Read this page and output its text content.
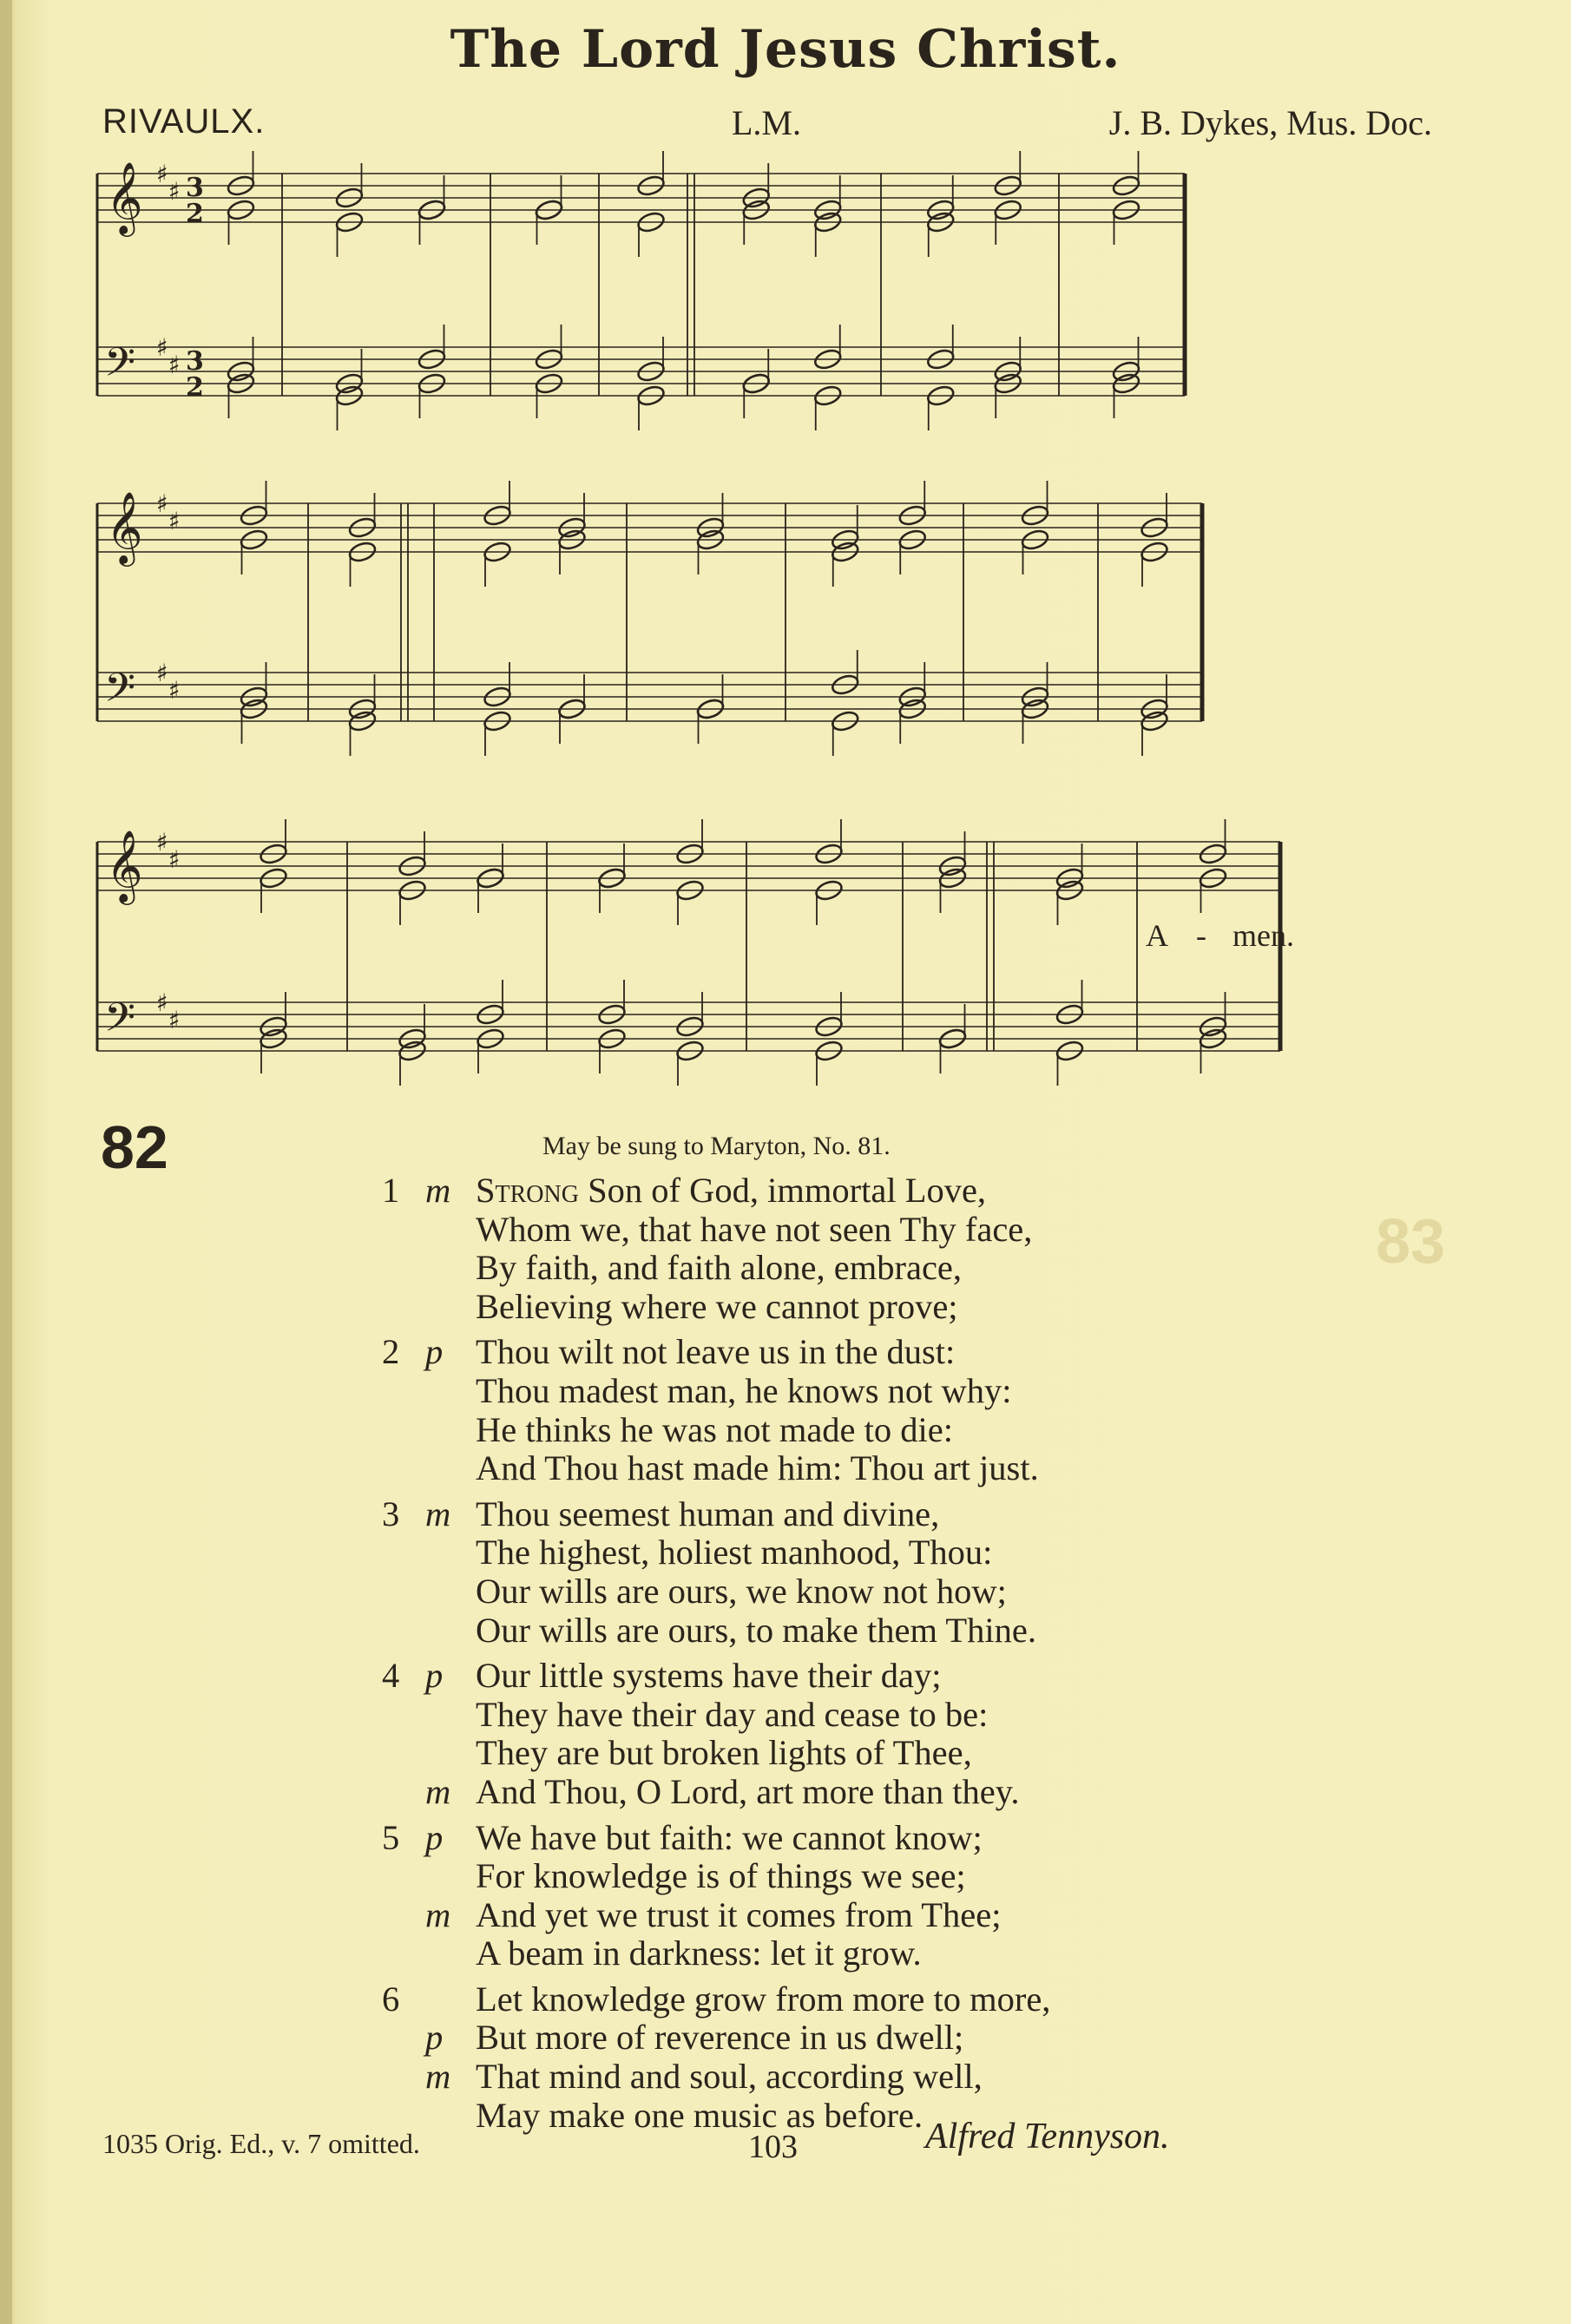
The Lord Jesus Christ.
RIVAULX.	L.M.	J. B. Dykes, Mus. Doc.
𝄞
𝄢
♯
♯
♯
♯
3
2
3
2
𝄞
𝄢
♯
♯
♯
♯
𝄞
𝄢
♯
♯
♯
♯
A - men.
82	May be sung to Maryton, No. 81.
83
1 m Strong Son of God, immortal Love,
Whom we, that have not seen Thy face,
By faith, and faith alone, embrace,
Believing where we cannot prove;
2 p Thou wilt not leave us in the dust:
Thou madest man, he knows not why:
He thinks he was not made to die:
And Thou hast made him: Thou art just.
3 m Thou seemest human and divine,
The highest, holiest manhood, Thou:
Our wills are ours, we know not how;
Our wills are ours, to make them Thine.
4 p Our little systems have their day;
They have their day and cease to be:
They are but broken lights of Thee,
m And Thou, O Lord, art more than they.
5 p We have but faith: we cannot know;
For knowledge is of things we see;
m And yet we trust it comes from Thee;
A beam in darkness: let it grow.
6	Let knowledge grow from more to more,
p But more of reverence in us dwell;
m That mind and soul, according well,
May make one music as before.
1035 Orig. Ed., v. 7 omitted.	103	Alfred Tennyson.
